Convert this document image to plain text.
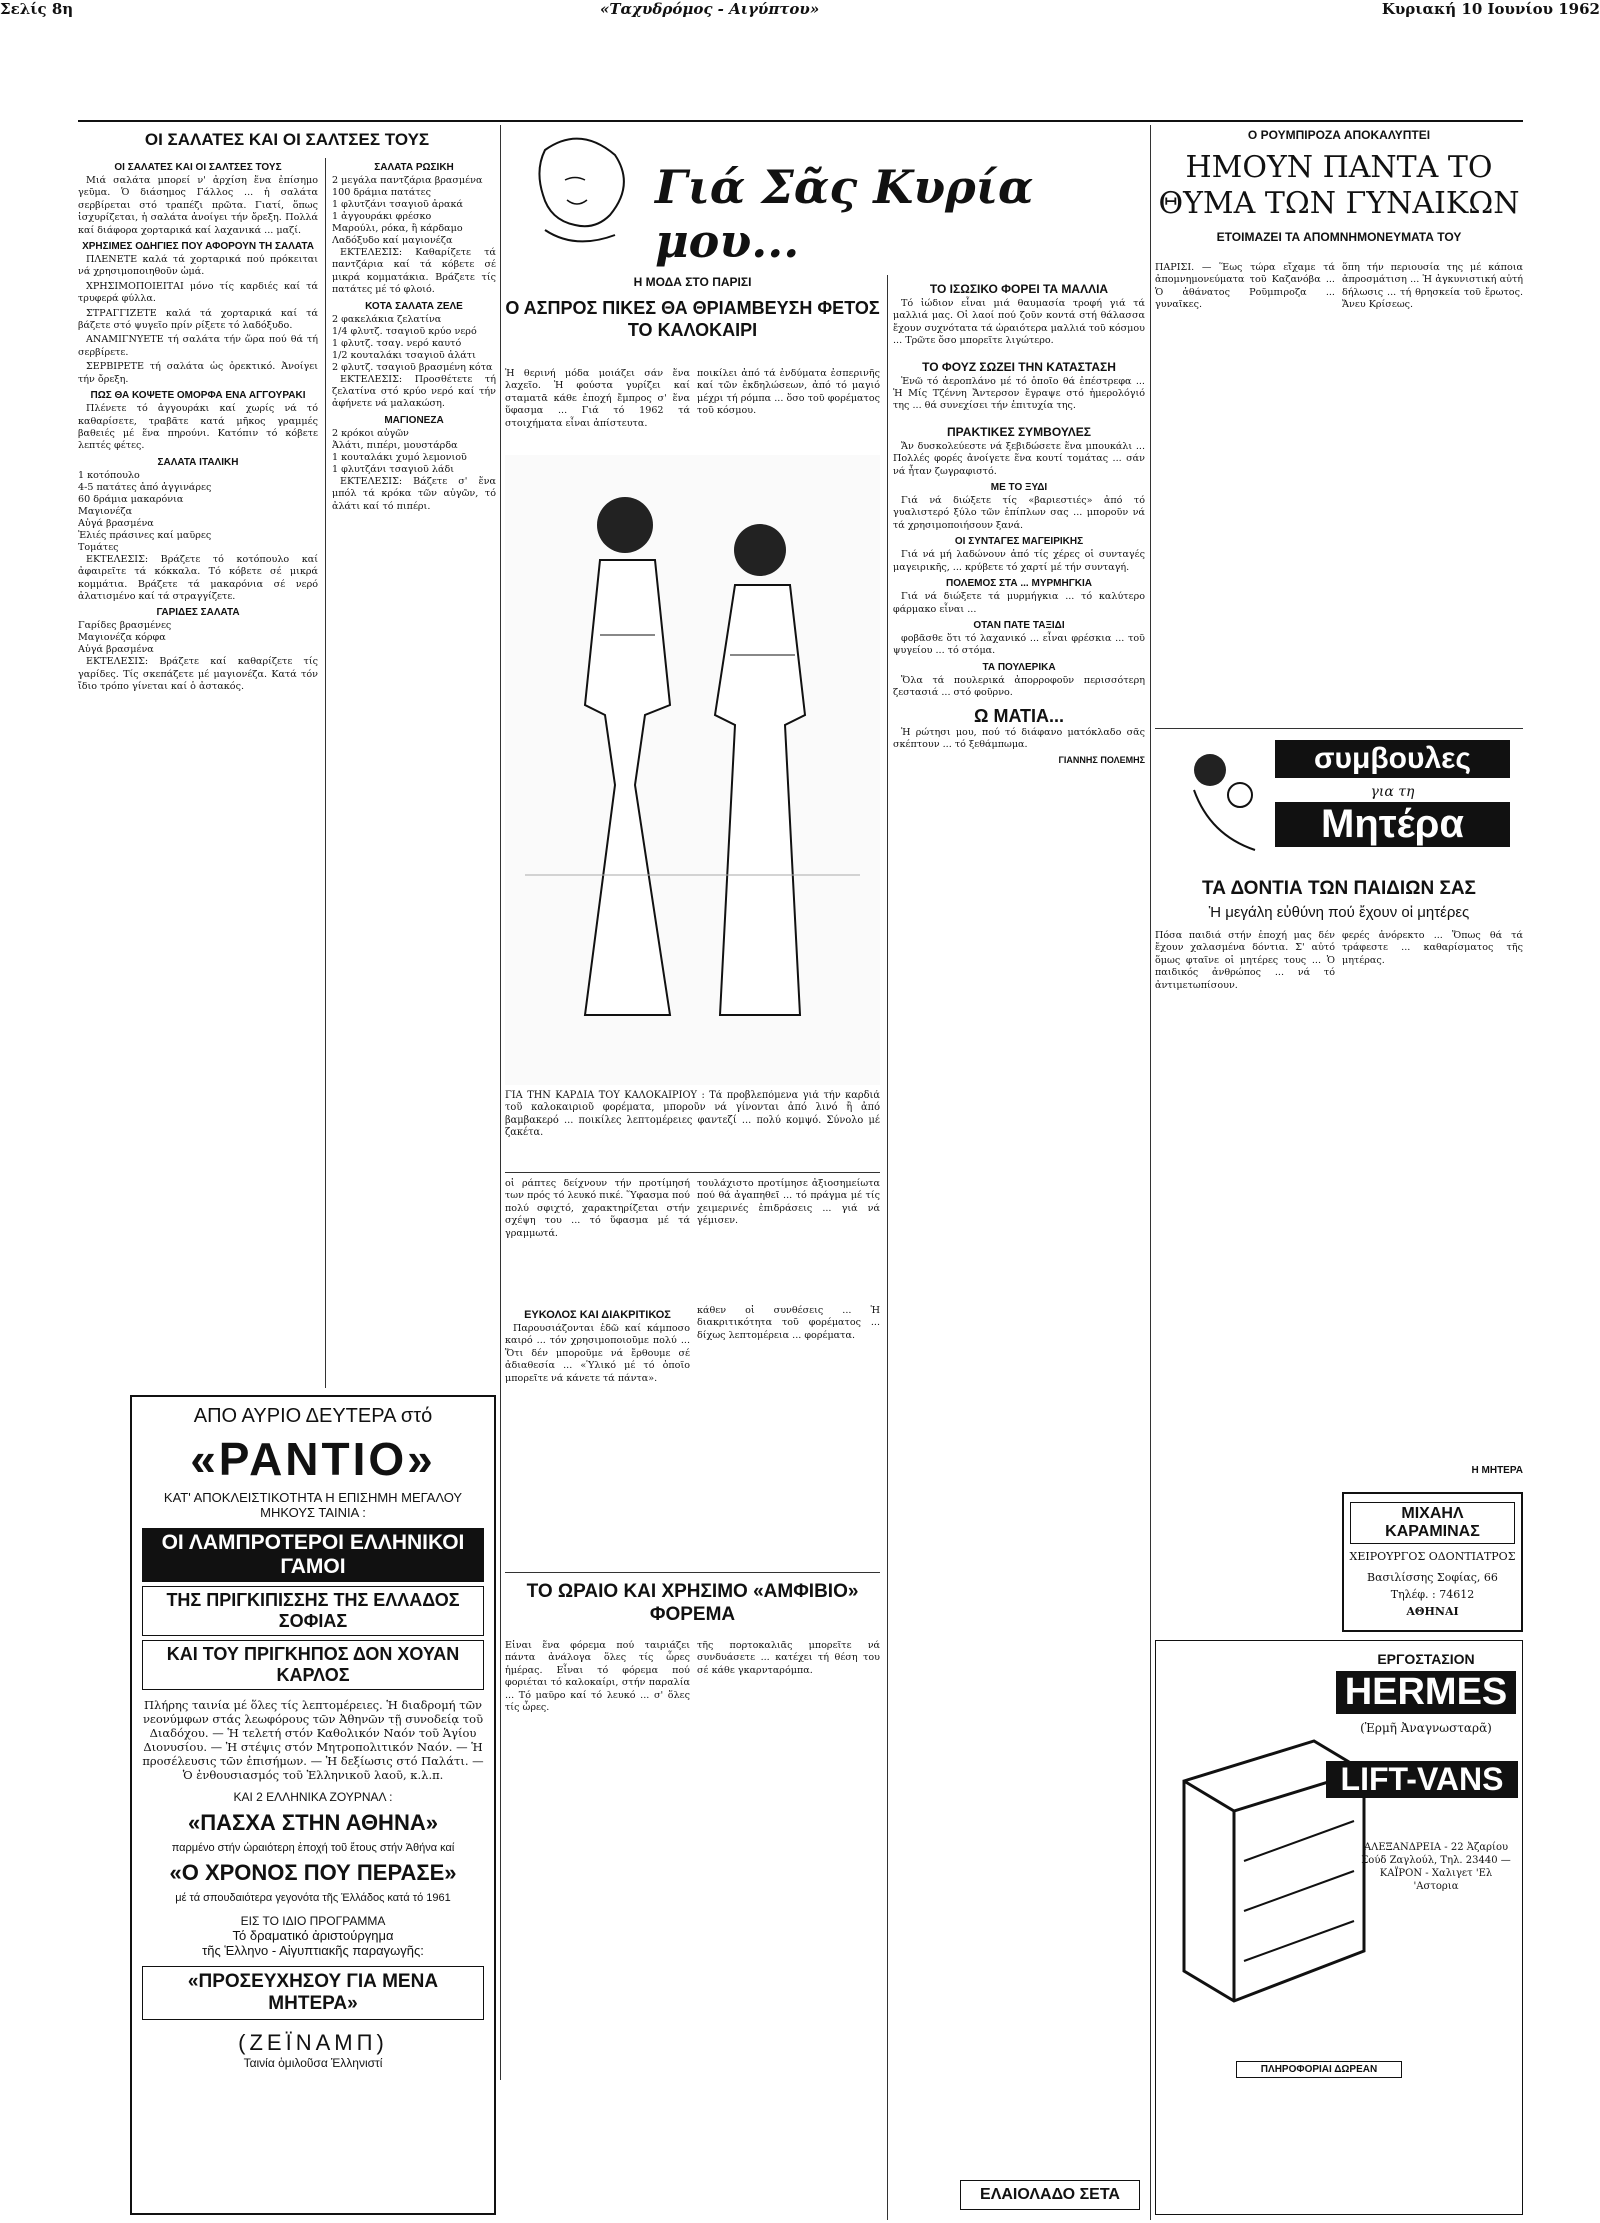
Σελίς 8η	«Ταχυδρόμος - Αιγύπτου»	Κυριακή 10 Ιουνίου 1962
ΟΙ ΣΑΛΑΤΕΣ ΚΑΙ ΟΙ ΣΑΛΤΣΕΣ ΤΟΥΣ
ΟΙ ΣΑΛΑΤΕΣ ΚΑΙ ΟΙ ΣΑΛΤΣΕΣ ΤΟΥΣ

Μιά σαλάτα μπορεί ν' ἀρχίση ἕνα ἐπίσημο γεῦμα. Ὁ διάσημος Γάλλος ... ἡ σαλάτα σερβίρεται στό τραπέζι πρῶτα. Γιατί, ὅπως ἰσχυρίζεται, ἡ σαλάτα ἀνοίγει τήν ὄρεξη. Πολλά καί διάφορα χορταρικά καί λαχανικά ... μαζί.

ΧΡΗΣΙΜΕΣ ΟΔΗΓΙΕΣ ΠΟΥ ΑΦΟΡΟΥΝ ΤΗ ΣΑΛΑΤΑ

ΠΛΕΝΕΤΕ καλά τά χορταρικά πού πρόκειται νά χρησιμοποιηθοῦν ὡμά.

ΧΡΗΣΙΜΟΠΟΙΕΙΤΑΙ μόνο τίς καρδιές καί τά τρυφερά φύλλα.

ΣΤΡΑΓΓΙΖΕΤΕ καλά τά χορταρικά καί τά βάζετε στό ψυγεῖο πρίν ρίξετε τό λαδόξυδο.

ΑΝΑΜΙΓΝΥΕΤΕ τή σαλάτα τήν ὥρα πού θά τή σερβίρετε.

ΣΕΡΒΙΡΕΤΕ τή σαλάτα ὡς ὀρεκτικό. Ἀνοίγει τήν ὄρεξη.

ΠΩΣ ΘΑ ΚΟΨΕΤΕ ΟΜΟΡΦΑ ΕΝΑ ΑΓΓΟΥΡΑΚΙ

Πλένετε τό ἀγγουράκι καί χωρίς νά τό καθαρίσετε, τραβᾶτε κατά μῆκος γραμμές βαθειές μέ ἕνα πηρούνι. Κατόπιν τό κόβετε λεπτές φέτες.

ΣΑΛΑΤΑ ΙΤΑΛΙΚΗ
1 κοτόπουλο
4-5 πατάτες ἀπό ἀγγινάρες
60 δράμια μακαρόνια
Μαγιονέζα
Αὐγά βρασμένα
Ἐλιές πράσινες καί μαῦρες
Τομάτες

ΕΚΤΕΛΕΣΙΣ: Βράζετε τό κοτόπουλο καί ἀφαιρεῖτε τά κόκκαλα. Τό κόβετε σέ μικρά κομμάτια. Βράζετε τά μακαρόνια σέ νερό ἀλατισμένο καί τά στραγγίζετε.

ΓΑΡΙΔΕΣ ΣΑΛΑΤΑ
Γαρίδες βρασμένες
Μαγιονέζα κόρφα
Αὐγά βρασμένα

ΕΚΤΕΛΕΣΙΣ: Βράζετε καί καθαρίζετε τίς γαρίδες. Τίς σκεπάζετε μέ μαγιονέζα. Κατά τόν ἴδιο τρόπο γίνεται καί ὁ ἀστακός.

ΣΑΛΑΤΑ ΡΩΣΙΚΗ
2 μεγάλα παντζάρια βρασμένα
100 δράμια πατάτες
1 φλυτζάνι τσαγιοῦ ἀρακά
1 ἀγγουράκι φρέσκο
Μαρούλι, ρόκα, ἢ κάρδαμο
Λαδόξυδο καί μαγιονέζα

ΕΚΤΕΛΕΣΙΣ: Καθαρίζετε τά παντζάρια καί τά κόβετε σέ μικρά κομματάκια. Βράζετε τίς πατάτες μέ τό φλοιό.

ΚΟΤΑ ΣΑΛΑΤΑ ΖΕΛΕ
2 φακελάκια ζελατίνα
1/4 φλυτζ. τσαγιοῦ κρύο νερό
1 φλυτζ. τσαγ. νερό καυτό
1/2 κουταλάκι τσαγιοῦ ἀλάτι
2 φλυτζ. τσαγιοῦ βρασμένη κότα

ΕΚΤΕΛΕΣΙΣ: Προσθέτετε τή ζελατίνα στό κρύο νερό καί τήν ἀφήνετε νά μαλακώση.

ΜΑΓΙΟΝΕΖΑ
2 κρόκοι αὐγῶν
Ἀλάτι, πιπέρι, μουστάρδα
1 κουταλάκι χυμό λεμονιοῦ
1 φλυτζάνι τσαγιοῦ λάδι

ΕΚΤΕΛΕΣΙΣ: Βάζετε σ' ἕνα μπόλ τά κρόκα τῶν αὐγῶν, τό ἀλάτι καί τό πιπέρι.

ΑΠΟ ΑΥΡΙΟ ΔΕΥΤΕΡΑ στό
«ΡΑΝΤΙΟ»
ΚΑΤ' ΑΠΟΚΛΕΙΣΤΙΚΟΤΗΤΑ Η ΕΠΙΣΗΜΗ ΜΕΓΑΛΟΥ ΜΗΚΟΥΣ ΤΑΙΝΙΑ :
ΟΙ ΛΑΜΠΡΟΤΕΡΟΙ ΕΛΛΗΝΙΚΟΙ ΓΑΜΟΙ
ΤΗΣ ΠΡΙΓΚΙΠΙΣΣΗΣ ΤΗΣ ΕΛΛΑΔΟΣ ΣΟΦΙΑΣ
ΚΑΙ ΤΟΥ ΠΡΙΓΚΗΠΟΣ ΔΟΝ ΧΟΥΑΝ ΚΑΡΛΟΣ
Πλήρης ταινία μέ ὅλες τίς λεπτομέρειες. Ἡ διαδρομή τῶν νεονύμφων στάς λεωφόρους τῶν Ἀθηνῶν τῇ συνοδείᾳ τοῦ Διαδόχου. — Ἡ τελετή στόν Καθολικόν Ναόν τοῦ Ἁγίου Διονυσίου. — Ἡ στέψις στόν Μητροπολιτικόν Ναόν. — Ἡ προσέλευσις τῶν ἐπισήμων. — Ἡ δεξίωσις στό Παλάτι. — Ὁ ἐνθουσιασμός τοῦ Ἑλληνικοῦ λαοῦ, κ.λ.π.
ΚΑΙ 2 ΕΛΛΗΝΙΚΑ ΖΟΥΡΝΑΛ :
«ΠΑΣΧΑ ΣΤΗΝ ΑΘΗΝΑ»
παρμένο στήν ὡραιότερη ἐποχή τοῦ ἔτους στήν Ἀθήνα καί
«Ο ΧΡΟΝΟΣ ΠΟΥ ΠΕΡΑΣΕ»
μέ τά σπουδαιότερα γεγονότα τῆς Ἑλλάδος κατά τό 1961
ΕΙΣ ΤΟ ΙΔΙΟ ΠΡΟΓΡΑΜΜΑ
Τό δραματικό ἀριστούργημα
τῆς Ἑλληνο - Αἰγυπτιακῆς παραγωγῆς:
«ΠΡΟΣΕΥΧΗΣΟΥ ΓΙΑ ΜΕΝΑ ΜΗΤΕΡΑ»
(ΖΕΪΝΑΜΠ)
Ταινία ὁμιλοῦσα Ἑλληνιστί
Γιά Σᾶς Κυρία μου...
Η ΜΟΔΑ ΣΤΟ ΠΑΡΙΣΙ
Ο ΑΣΠΡΟΣ ΠΙΚΕΣ ΘΑ ΘΡΙΑΜΒΕΥΣΗ ΦΕΤΟΣ ΤΟ ΚΑΛΟΚΑΙΡΙ
Ἡ θερινή μόδα μοιάζει σάν ἕνα λαχεῖο. Ἡ φούστα γυρίζει καί σταματᾶ κάθε ἐποχή ἔμπρος σ' ἕνα ὕφασμα ... Γιά τό 1962 τά στοιχήματα εἶναι ἀπίστευτα.
ποικίλει ἀπό τά ἐνδύματα ἐσπερινῆς καί τῶν ἐκδηλώσεων, ἀπό τό μαγιό μέχρι τή ρόμπα ... ὅσο τοῦ φορέματος τοῦ κόσμου.
ΓΙΑ ΤΗΝ ΚΑΡΔΙΑ ΤΟΥ ΚΑΛΟΚΑΙΡΙΟΥ : Τά προβλεπόμενα γιά τήν καρδιά τοῦ καλοκαιριοῦ φορέματα, μποροῦν νά γίνονται ἀπό λινό ἢ ἀπό βαμβακερό ... ποικίλες λεπτομέρειες φαντεζί ... πολύ κομψό. Σύνολο μέ ζακέτα.
οἱ ράπτες δείχνουν τήν προτίμησή των πρός τό λευκό πικέ. Ὕφασμα πού πολύ σφιχτό, χαρακτηρίζεται στήν σχέψη του ... τό ὕφασμα μέ τά γραμμωτά.
τουλάχιστο προτίμησε ἀξιοσημείωτα πού θά ἀγαπηθεῖ ... τό πράγμα μέ τίς χειμερινές ἐπιδράσεις ... γιά νά γέμισεν.
ΕΥΚΟΛΟΣ ΚΑΙ ΔΙΑΚΡΙΤΙΚΟΣ

Παρουσιάζονται ἐδῶ καί κάμποσο καιρό ... τόν χρησιμοποιοῦμε πολύ ... Ὅτι δέν μποροῦμε νά ἔρθουμε σέ ἀδιαθεσία ... «Ὑλικό μέ τό ὁποῖο μπορεῖτε νά κάνετε τά πάντα».

κάθεν οἱ συνθέσεις ... Ἡ διακριτικότητα τοῦ φορέματος ... δίχως λεπτομέρεια ... φορέματα.
ΤΟ ΩΡΑΙΟ ΚΑΙ ΧΡΗΣΙΜΟ «ΑΜΦΙΒΙΟ» ΦΟΡΕΜΑ
Εἶναι ἕνα φόρεμα πού ταιριάζει πάντα ἀνάλογα ὅλες τίς ὧρες ἡμέρας. Εἶναι τό φόρεμα πού φοριέται τό καλοκαίρι, στήν παραλία ... Τό μαῦρο καί τό λευκό ... σ' ὅλες τίς ὧρες.
τῆς πορτοκαλιᾶς μπορεῖτε νά συνδυάσετε ... κατέχει τή θέση του σέ κάθε γκαρνταρόμπα.
ΤΟ ΙΣΩΣΙΚΟ ΦΟΡΕΙ ΤΑ ΜΑΛΛΙΑ

Τό ἰώδιον εἶναι μιά θαυμασία τροφή γιά τά μαλλιά μας. Οἱ λαοί πού ζοῦν κοντά στή θάλασσα ἔχουν συχνότατα τά ὡραιότερα μαλλιά τοῦ κόσμου ... Τρῶτε ὅσο μπορεῖτε λιγώτερο.

ΤΟ ΦΟΥΖ ΣΩΖΕΙ ΤΗΝ ΚΑΤΑΣΤΑΣΗ

Ἐνῶ τό ἀεροπλάνο μέ τό ὁποῖο θά ἐπέστρεφα ... Ἡ Μίς Τζέννη Ἄντερσον ἔγραψε στό ἡμερολόγιό της ... θά συνεχίσει τήν ἐπιτυχία της.

ΠΡΑΚΤΙΚΕΣ ΣΥΜΒΟΥΛΕΣ

Ἄν δυσκολεύεστε νά ξεβιδώσετε ἕνα μπουκάλι ... Πολλές φορές ἀνοίγετε ἕνα κουτί τομάτας ... σάν νά ἦταν ζωγραφιστό.

ΜΕ ΤΟ ΞΥΔΙ

Γιά νά διώξετε τίς «βαριεστιές» ἀπό τό γυαλιστερό ξύλο τῶν ἐπίπλων σας ... μποροῦν νά τά χρησιμοποιήσουν ξανά.

ΟΙ ΣΥΝΤΑΓΕΣ ΜΑΓΕΙΡΙΚΗΣ

Γιά νά μή λαδώνουν ἀπό τίς χέρες οἱ συνταγές μαγειρικῆς, ... κρύβετε τό χαρτί μέ τήν συνταγή.

ΠΟΛΕΜΟΣ ΣΤΑ ... ΜΥΡΜΗΓΚΙΑ

Γιά νά διώξετε τά μυρμήγκια ... τό καλύτερο φάρμακο εἶναι ...

ΟΤΑΝ ΠΑΤΕ ΤΑΞΙΔΙ

φοβᾶσθε ὅτι τό λαχανικό ... εἶναι φρέσκια ... τοῦ ψυγείου ... τό στόμα.

ΤΑ ΠΟΥΛΕΡΙΚΑ

Ὅλα τά πουλερικά ἀπορροφοῦν περισσότερη ζεστασιά ... στό φοῦρνο.

Ω ΜΑΤΙΑ...

Ἡ ρώτησι μου, πού τό διάφανο ματόκλαδο σᾶς σκέπτουν ... τό ξεθάμπωμα.

ΓΙΑΝΝΗΣ ΠΟΛΕΜΗΣ
ΕΛΑΙΟΛΑΔΟ ΣΕΤΑ
Ο ΡΟΥΜΠΙΡΟΖΑ ΑΠΟΚΑΛΥΠΤΕΙ
ΗΜΟΥΝ ΠΑΝΤΑ ΤΟ ΘΥΜΑ ΤΩΝ ΓΥΝΑΙΚΩΝ
ΕΤΟΙΜΑΖΕΙ ΤΑ ΑΠΟΜΝΗΜΟΝΕΥΜΑΤΑ ΤΟΥ
ΠΑΡΙΣΙ. — Ἕως τώρα εἴχαμε τά ἀπομνημονεύματα τοῦ Καζανόβα ... Ὁ ἀθάνατος Ροῦμπιροζα ... γυναῖκες.
ὅπη τήν περιουσία της μέ κάποια ἀπροσμάτιση ... Ἡ ἀγκυνιστική αὐτή δήλωσις ... τή θρησκεία τοῦ ἔρωτος. Ἄνευ Κρίσεως.
συμβουλες
για τη
Μητέρα
ΤΑ ΔΟΝΤΙΑ ΤΩΝ ΠΑΙΔΙΩΝ ΣΑΣ
Ἡ μεγάλη εὐθύνη πού ἔχουν οἱ μητέρες
Πόσα παιδιά στήν ἐποχή μας δέν ἔχουν χαλασμένα δόντια. Σ' αὐτό ὅμως φταῖνε οἱ μητέρες τους ... Ὁ παιδικός ἀνθρώπος ... νά τό ἀντιμετωπίσουν.
φερές ἀνόρεκτο ... Ὅπως θά τά τράφεστε ... καθαρίσματος τῆς μητέρας.
Η ΜΗΤΕΡΑ
ΜΙΧΑΗΛ ΚΑΡΑΜΙΝΑΣ
ΧΕΙΡΟΥΡΓΟΣ ΟΔΟΝΤΙΑΤΡΟΣ
Βασιλίσσης Σοφίας, 66
Τηλέφ. : 74612
ΑΘΗΝΑΙ
ΕΡΓΟΣΤΑΣΙΟΝ
HERMES
(Ἑρμῆ Ἀναγνωσταρᾶ)
LIFT-VANS
ΑΛΕΞΑΝΔΡΕΙΑ - 22 Ἀζαρίου Σούδ Ζαγλούλ, Τηλ. 23440 — ΚΑΪΡΟΝ - Χαλιγετ 'Ελ 'Αστορια
ΠΛΗΡΟΦΟΡΙΑΙ ΔΩΡΕΑΝ
